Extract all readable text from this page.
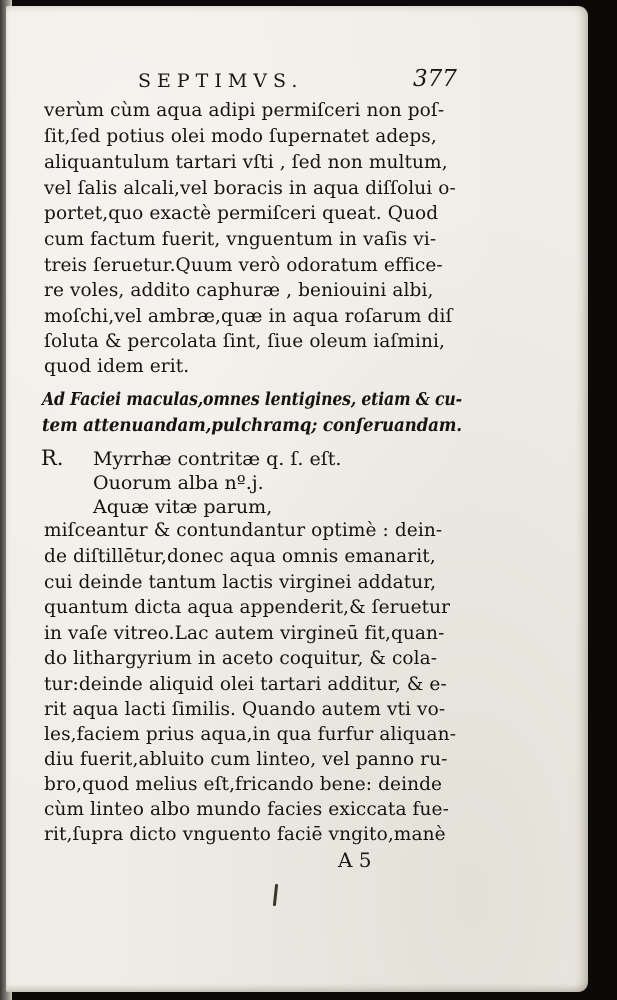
SEPTIMVS.	377
verùm cùm aqua adipi permiſceri non poſ-
ſit,ſed potius olei modo ſupernatet adeps,
aliquantulum tartari vſti , ſed non multum,
vel ſalis alcali,vel boracis in aqua diſſolui o-
portet,quo exactè permiſceri queat. Quod
cum factum fuerit, vnguentum in vaſis vi-
treis ſeruetur.Quum verò odoratum effice-
re voles, addito caphuræ , beniouini albi,
moſchi,vel ambræ,quæ in aqua roſarum diſ
ſoluta & percolata ſint, ſiue oleum iaſmini,
quod idem erit.
Ad Faciei maculas,omnes lentigines, etiam & cu-
tem attenuandam,pulchramq; conſeruandam.
R. Myrrhæ contritæ q. ſ. eſt.
Ouorum alba nº.j.
Aquæ vitæ parum,
miſceantur & contundantur optimè : dein-
de diſtillētur,donec aqua omnis emanarit,
cui deinde tantum lactis virginei addatur,
quantum dicta aqua appenderit,& ſeruetur
in vaſe vitreo.Lac autem virgineū fit,quan-
do lithargyrium in aceto coquitur, & cola-
tur:deinde aliquid olei tartari additur, & e-
rit aqua lacti ſimilis. Quando autem vti vo-
les,faciem prius aqua,in qua furfur aliquan-
diu fuerit,abluito cum linteo, vel panno ru-
bro,quod melius eſt,fricando bene: deinde
cùm linteo albo mundo facies exiccata fue-
rit,ſupra dicto vnguento faciē vngito,manè
A 5
